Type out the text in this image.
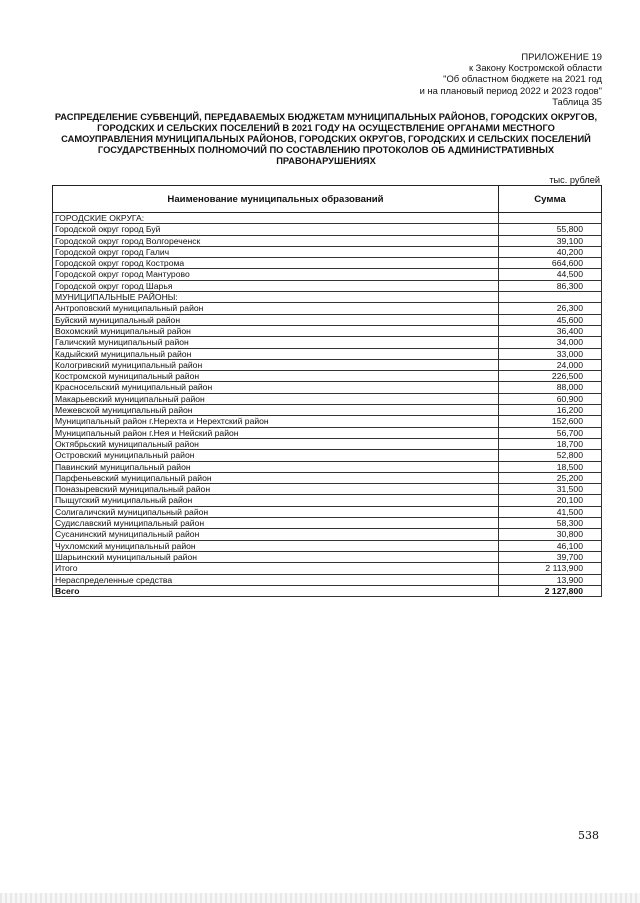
ПРИЛОЖЕНИЕ 19
к Закону Костромской области
"Об областном бюджете на 2021 год
и на плановый период 2022 и 2023 годов"
Таблица 35
РАСПРЕДЕЛЕНИЕ СУБВЕНЦИЙ, ПЕРЕДАВАЕМЫХ БЮДЖЕТАМ МУНИЦИПАЛЬНЫХ РАЙОНОВ, ГОРОДСКИХ ОКРУГОВ, ГОРОДСКИХ И СЕЛЬСКИХ ПОСЕЛЕНИЙ В 2021 ГОДУ НА ОСУЩЕСТВЛЕНИЕ ОРГАНАМИ МЕСТНОГО САМОУПРАВЛЕНИЯ МУНИЦИПАЛЬНЫХ РАЙОНОВ, ГОРОДСКИХ ОКРУГОВ, ГОРОДСКИХ И СЕЛЬСКИХ ПОСЕЛЕНИЙ ГОСУДАРСТВЕННЫХ ПОЛНОМОЧИЙ ПО СОСТАВЛЕНИЮ ПРОТОКОЛОВ ОБ АДМИНИСТРАТИВНЫХ ПРАВОНАРУШЕНИЯХ
тыс. рублей
Наименование муниципальных образований	Сумма
ГОРОДСКИЕ ОКРУГА:	
Городской округ город Буй	55,800
Городской округ город Волгореченск	39,100
Городской округ город Галич	40,200
Городской округ город Кострома	664,600
Городской округ город Мантурово	44,500
Городской округ город Шарья	86,300
МУНИЦИПАЛЬНЫЕ РАЙОНЫ:	
Антроповский муниципальный район	26,300
Буйский муниципальный район	45,600
Вохомский муниципальный район	36,400
Галичский муниципальный район	34,000
Кадыйский муниципальный район	33,000
Кологривский муниципальный район	24,000
Костромской муниципальный район	226,500
Красносельский муниципальный район	88,000
Макарьевский муниципальный район	60,900
Межевской муниципальный район	16,200
Муниципальный район г.Нерехта и Нерехтский район	152,600
Муниципальный район г.Нея и Нейский район	56,700
Октябрьский муниципальный район	18,700
Островский муниципальный район	52,800
Павинский муниципальный район	18,500
Парфеньевский муниципальный район	25,200
Поназыревский муниципальный район	31,500
Пыщугский муниципальный район	20,100
Солигаличский муниципальный район	41,500
Судиславский муниципальный район	58,300
Сусанинский муниципальный район	30,800
Чухломский муниципальный район	46,100
Шарьинский муниципальный район	39,700
Итого	2 113,900
Нераспределенные средства	13,900
Всего	2 127,800
538
